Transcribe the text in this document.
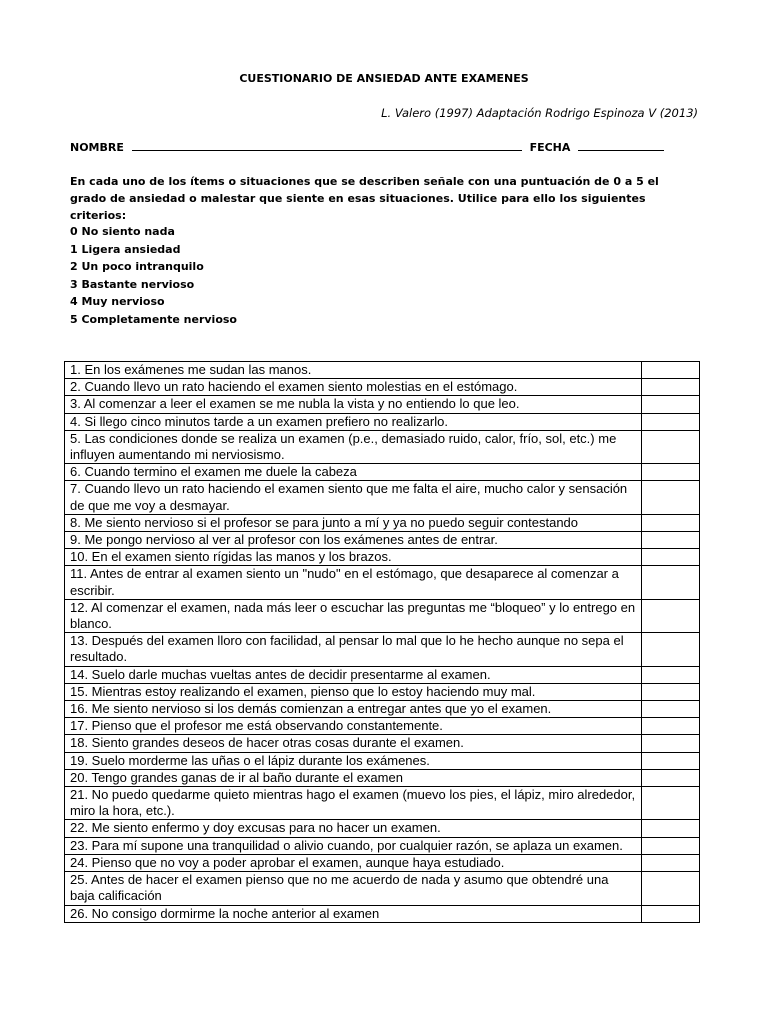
CUESTIONARIO DE ANSIEDAD ANTE EXAMENES
L. Valero (1997) Adaptación Rodrigo Espinoza V (2013)
NOMBRE	FECHA
En cada uno de los ítems o situaciones que se describen señale con una puntuación de 0 a 5 el grado de ansiedad o malestar que siente en esas situaciones. Utilice para ello los siguientes criterios:
0 No siento nada
1 Ligera ansiedad
2 Un poco intranquilo
3 Bastante nervioso
4 Muy nervioso
5 Completamente nervioso
1. En los exámenes me sudan las manos.	
2. Cuando llevo un rato haciendo el examen siento molestias en el estómago.	
3. Al comenzar a leer el examen se me nubla la vista y no entiendo lo que leo.	
4. Si llego cinco minutos tarde a un examen prefiero no realizarlo.	
5. Las condiciones donde se realiza un examen (p.e., demasiado ruido, calor, frío, sol, etc.) me influyen aumentando mi nerviosismo.	
6. Cuando termino el examen me duele la cabeza	
7. Cuando llevo un rato haciendo el examen siento que me falta el aire, mucho calor y sensación de que me voy a desmayar.	
8. Me siento nervioso si el profesor se para junto a mí y ya no puedo seguir contestando	
9. Me pongo nervioso al ver al profesor con los exámenes antes de entrar.	
10. En el examen siento rígidas las manos y los brazos.	
11. Antes de entrar al examen siento un "nudo" en el estómago, que desaparece al comenzar a escribir.	
12. Al comenzar el examen, nada más leer o escuchar las preguntas me “bloqueo” y lo entrego en blanco.	
13. Después del examen lloro con facilidad, al pensar lo mal que lo he hecho aunque no sepa el resultado.	
14. Suelo darle muchas vueltas antes de decidir presentarme al examen.	
15. Mientras estoy realizando el examen, pienso que lo estoy haciendo muy mal.	
16. Me siento nervioso si los demás comienzan a entregar antes que yo el examen.	
17. Pienso que el profesor me está observando constantemente.	
18. Siento grandes deseos de hacer otras cosas durante el examen.	
19. Suelo morderme las uñas o el lápiz durante los exámenes.	
20. Tengo grandes ganas de ir al baño durante el examen	
21. No puedo quedarme quieto mientras hago el examen (muevo los pies, el lápiz, miro alrededor, miro la hora, etc.).	
22. Me siento enfermo y doy excusas para no hacer un examen.	
23. Para mí supone una tranquilidad o alivio cuando, por cualquier razón, se aplaza un examen.	
24. Pienso que no voy a poder aprobar el examen, aunque haya estudiado.	
25. Antes de hacer el examen pienso que no me acuerdo de nada y asumo que obtendré una baja calificación	
26. No consigo dormirme la noche anterior al examen	
